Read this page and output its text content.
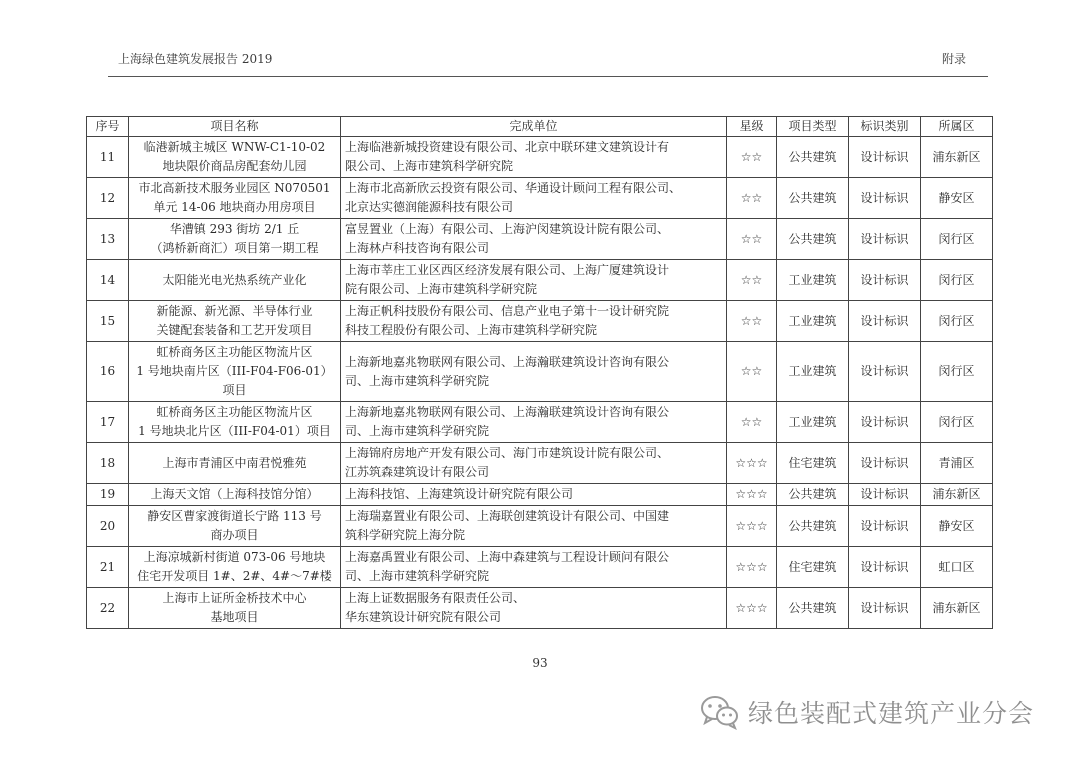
上海绿色建筑发展报告 2019	附录
序号	项目名称	完成单位	星级	项目类型	标识类别	所属区
11	临港新城主城区 WNW-C1-10-02
地块限价商品房配套幼儿园	上海临港新城投资建设有限公司、北京中联环建文建筑设计有
限公司、上海市建筑科学研究院	☆☆	公共建筑	设计标识	浦东新区
12	市北高新技术服务业园区 N070501
单元 14-06 地块商办用房项目	上海市北高新欣云投资有限公司、华通设计顾问工程有限公司、
北京达实德润能源科技有限公司	☆☆	公共建筑	设计标识	静安区
13	华漕镇 293 街坊 2/1 丘
（鸿桥新商汇）项目第一期工程	富昱置业（上海）有限公司、上海沪闵建筑设计院有限公司、
上海林卢科技咨询有限公司	☆☆	公共建筑	设计标识	闵行区
14	太阳能光电光热系统产业化	上海市莘庄工业区西区经济发展有限公司、上海广厦建筑设计
院有限公司、上海市建筑科学研究院	☆☆	工业建筑	设计标识	闵行区
15	新能源、新光源、半导体行业
关键配套装备和工艺开发项目	上海正帆科技股份有限公司、信息产业电子第十一设计研究院
科技工程股份有限公司、上海市建筑科学研究院	☆☆	工业建筑	设计标识	闵行区
16	虹桥商务区主功能区物流片区
1 号地块南片区（III-F04-F06-01）
项目	上海新地嘉兆物联网有限公司、上海瀚联建筑设计咨询有限公
司、上海市建筑科学研究院	☆☆	工业建筑	设计标识	闵行区
17	虹桥商务区主功能区物流片区
1 号地块北片区（III-F04-01）项目	上海新地嘉兆物联网有限公司、上海瀚联建筑设计咨询有限公
司、上海市建筑科学研究院	☆☆	工业建筑	设计标识	闵行区
18	上海市青浦区中南君悦雅苑	上海锦府房地产开发有限公司、海门市建筑设计院有限公司、
江苏筑森建筑设计有限公司	☆☆☆	住宅建筑	设计标识	青浦区
19	上海天文馆（上海科技馆分馆）	上海科技馆、上海建筑设计研究院有限公司	☆☆☆	公共建筑	设计标识	浦东新区
20	静安区曹家渡街道长宁路 113 号
商办项目	上海瑞嘉置业有限公司、上海联创建筑设计有限公司、中国建
筑科学研究院上海分院	☆☆☆	公共建筑	设计标识	静安区
21	上海凉城新村街道 073-06 号地块
住宅开发项目 1#、2#、4#～7#楼	上海嘉禹置业有限公司、上海中森建筑与工程设计顾问有限公
司、上海市建筑科学研究院	☆☆☆	住宅建筑	设计标识	虹口区
22	上海市上证所金桥技术中心
基地项目	上海上证数据服务有限责任公司、
华东建筑设计研究院有限公司	☆☆☆	公共建筑	设计标识	浦东新区
93
绿色装配式建筑产业分会
